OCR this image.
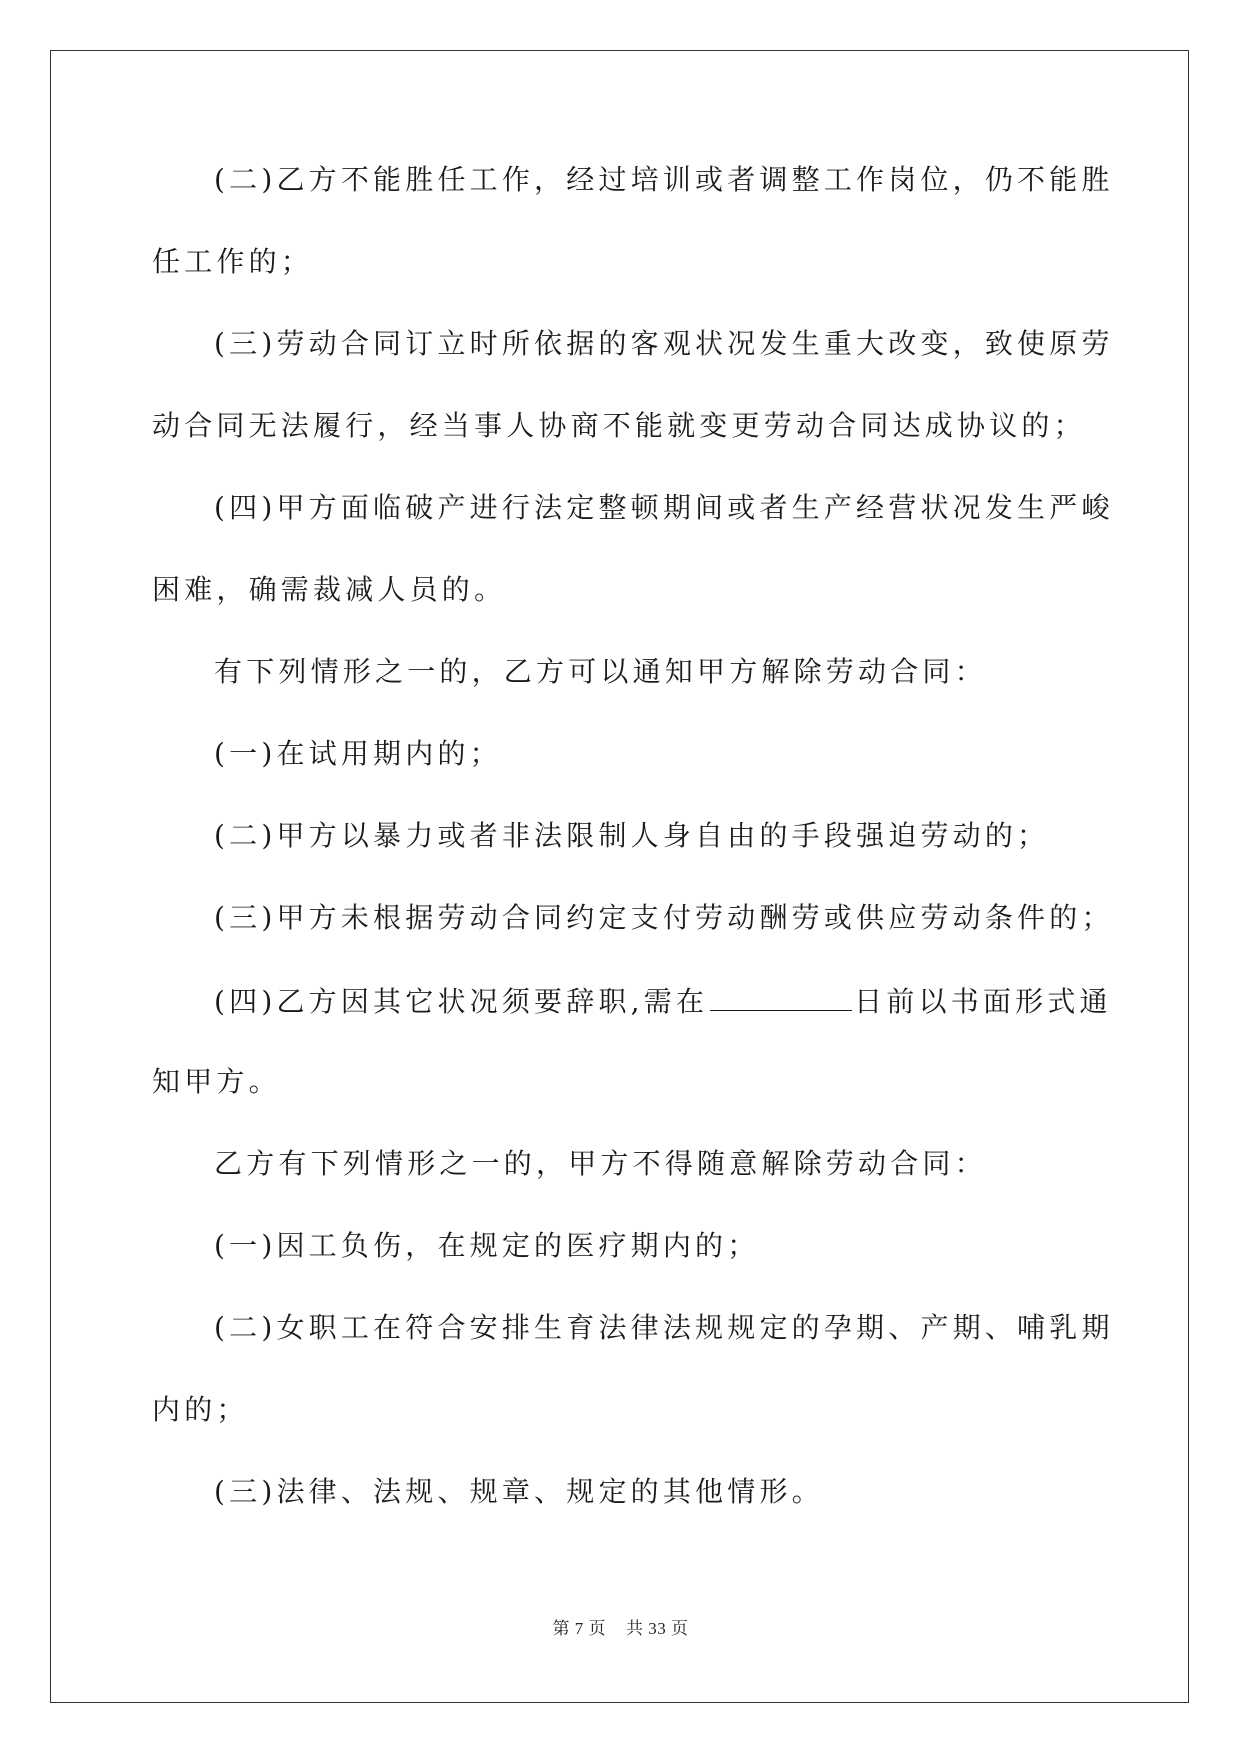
(二)乙方不能胜任工作，经过培训或者调整工作岗位，仍不能胜
任工作的；
(三)劳动合同订立时所依据的客观状况发生重大改变，致使原劳
动合同无法履行，经当事人协商不能就变更劳动合同达成协议的；
(四)甲方面临破产进行法定整顿期间或者生产经营状况发生严峻
困难，确需裁减人员的。
有下列情形之一的，乙方可以通知甲方解除劳动合同：
(一)在试用期内的；
(二)甲方以暴力或者非法限制人身自由的手段强迫劳动的；
(三)甲方未根据劳动合同约定支付劳动酬劳或供应劳动条件的；
(四)乙方因其它状况须要辞职,需在	日前以书面形式通
知甲方。
乙方有下列情形之一的，甲方不得随意解除劳动合同：
(一)因工负伤，在规定的医疗期内的；
(二)女职工在符合安排生育法律法规规定的孕期、产期、哺乳期
内的；
(三)法律、法规、规章、规定的其他情形。
第 7 页 共 33 页
